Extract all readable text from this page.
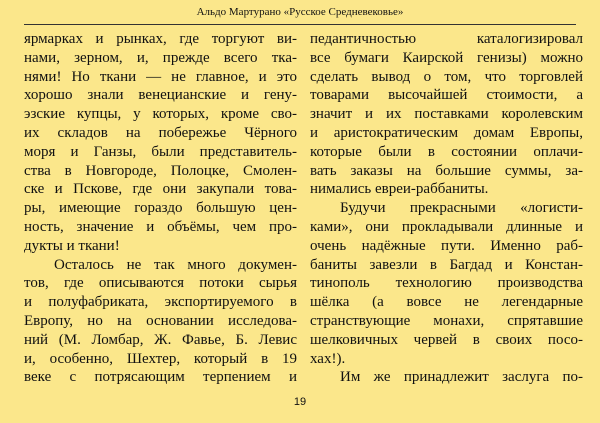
Альдо Мартурано «Русское Средневековье»
ярмарках и рынках, где торгуют ви-
нами, зерном, и, прежде всего тка-
нями! Но ткани — не главное, и это
хорошо знали венецианские и гену-
эзские купцы, у которых, кроме сво-
их складов на побережье Чёрного
моря и Ганзы, были представитель-
ства в Новгороде, Полоцке, Смолен-
ске и Пскове, где они закупали това-
ры, имеющие гораздо большую цен-
ность, значение и объёмы, чем про-
дукты и ткани!
Осталось не так много докумен-
тов, где описываются потоки сырья
и полуфабриката, экспортируемого в
Европу, но на основании исследова-
ний (М. Ломбар, Ж. Фавье, Б. Левис
и, особенно, Шехтер, который в 19
веке с потрясающим терпением и
педантичностью каталогизировал
все бумаги Каирской генизы) можно
сделать вывод о том, что торговлей
товарами высочайшей стоимости, а
значит и их поставками королевским
и аристократическим домам Европы,
которые были в состоянии оплачи-
вать заказы на большие суммы, за-
нимались евреи-раббаниты.
Будучи прекрасными «логисти-
ками», они прокладывали длинные и
очень надёжные пути. Именно раб-
баниты завезли в Багдад и Констан-
тинополь технологию производства
шёлка (а вовсе не легендарные
странствующие монахи, спрятавшие
шелковичных червей в своих посо-
хах!).
Им же принадлежит заслуга по-
19
